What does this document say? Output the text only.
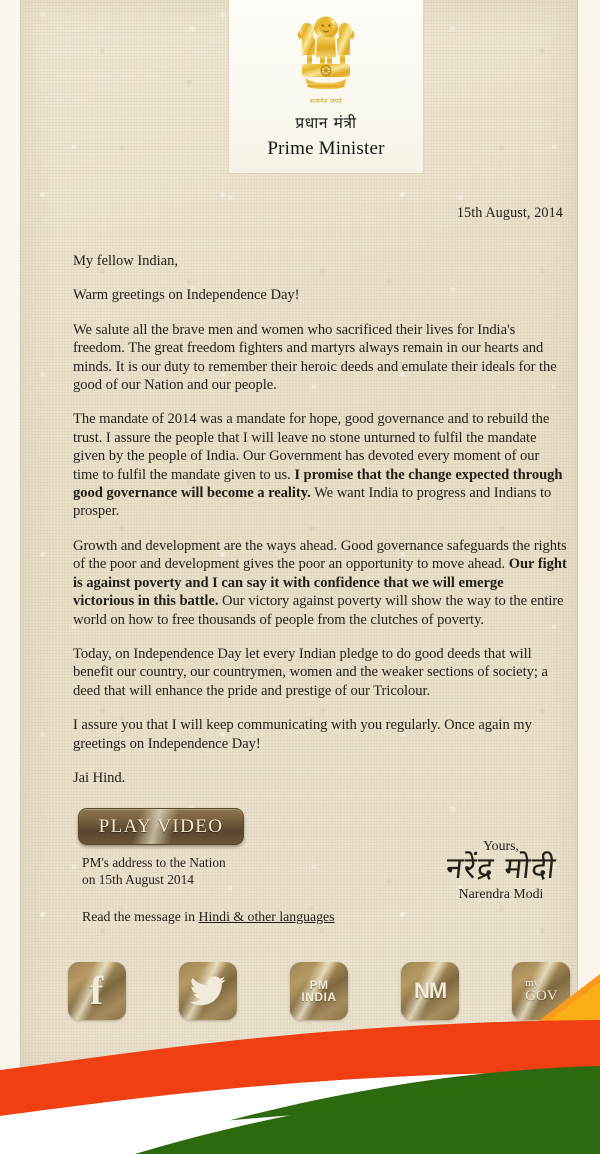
सत्यमेव जयते
प्रधान मंत्री
Prime Minister
15th August, 2014
My fellow Indian,
Warm greetings on Independence Day!
We salute all the brave men and women who sacrificed their lives for India's freedom. The great freedom fighters and martyrs always remain in our hearts and minds. It is our duty to remember their heroic deeds and emulate their ideals for the good of our Nation and our people.
The mandate of 2014 was a mandate for hope, good governance and to rebuild the trust. I assure the people that I will leave no stone unturned to fulfil the mandate given by the people of India. Our Government has devoted every moment of our time to fulfil the mandate given to us. I promise that the change expected through good governance will become a reality. We want India to progress and Indians to prosper.
Growth and development are the ways ahead. Good governance safeguards the rights of the poor and development gives the poor an opportunity to move ahead. Our fight is against poverty and I can say it with confidence that we will emerge victorious in this battle. Our victory against poverty will show the way to the entire world on how to free thousands of people from the clutches of poverty.
Today, on Independence Day let every Indian pledge to do good deeds that will benefit our country, our countrymen, women and the weaker sections of society; a deed that will enhance the pride and prestige of our Tricolour.
I assure you that I will keep communicating with you regularly. Once again my greetings on Independence Day!
Jai Hind.
PLAY VIDEO
PM's address to the Nation
on 15th August 2014
Read the message in Hindi & other languages
Yours,
नरेंद्र मोदी
Narendra Modi
f	PM
INDIA	NM	my
GOV
